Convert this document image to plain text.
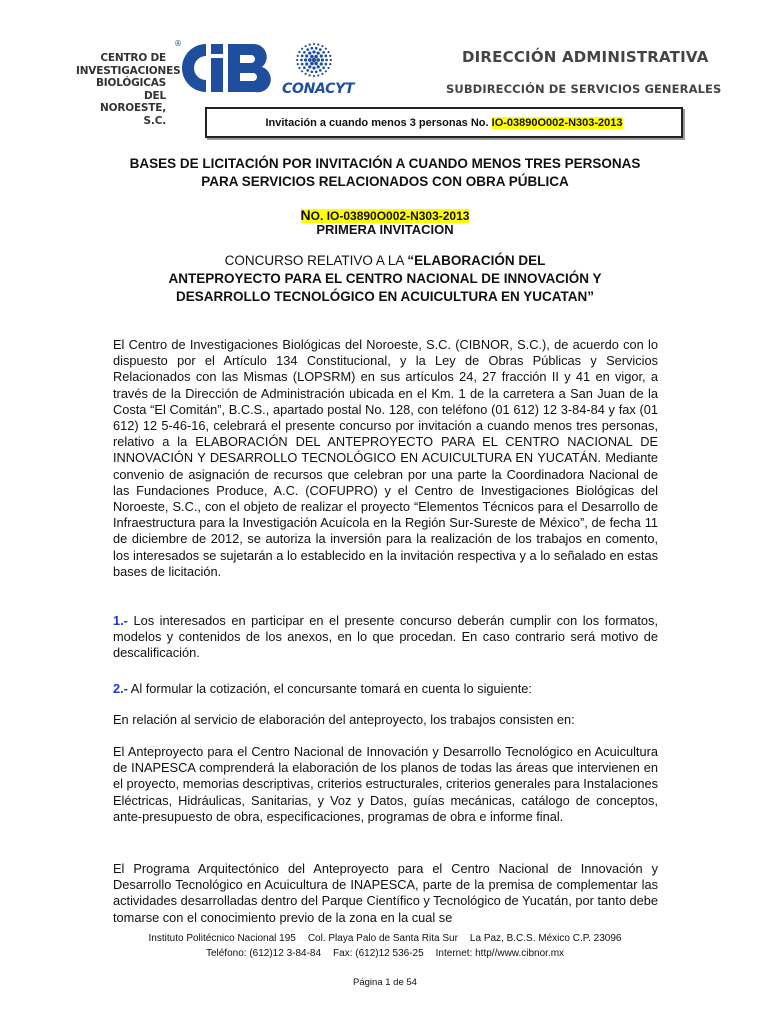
CENTRO DE
INVESTIGACIONES
BIOLÓGICAS DEL
NOROESTE, S.C.
®
CONACYT
DIRECCIÓN ADMINISTRATIVA
SUBDIRECCIÓN DE SERVICIOS GENERALES
Invitación a cuando menos 3 personas No. IO-03890O002-N303-2013
BASES DE LICITACIÓN POR INVITACIÓN A CUANDO MENOS TRES PERSONAS
PARA SERVICIOS RELACIONADOS CON OBRA PÚBLICA
NO. IO-03890O002-N303-2013
PRIMERA INVITACION
CONCURSO RELATIVO A LA “ELABORACIÓN DEL
ANTEPROYECTO PARA EL CENTRO NACIONAL DE INNOVACIÓN Y
DESARROLLO TECNOLÓGICO EN ACUICULTURA EN YUCATAN”
El Centro de Investigaciones Biológicas del Noroeste, S.C. (CIBNOR, S.C.), de acuerdo con lo dispuesto por el Artículo 134 Constitucional, y la Ley de Obras Públicas y Servicios Relacionados con las Mismas (LOPSRM) en sus artículos 24, 27 fracción II y 41 en vigor, a través de la Dirección de Administración ubicada en el Km. 1 de la carretera a San Juan de la Costa “El Comitán”, B.C.S., apartado postal No. 128, con teléfono (01 612) 12 3-84-84 y fax (01 612) 12 5-46-16, celebrará el presente concurso por invitación a cuando menos tres personas, relativo a la ELABORACIÓN DEL ANTEPROYECTO PARA EL CENTRO NACIONAL DE INNOVACIÓN Y DESARROLLO TECNOLÓGICO EN ACUICULTURA EN YUCATÁN. Mediante convenio de asignación de recursos que celebran por una parte la Coordinadora Nacional de las Fundaciones Produce, A.C. (COFUPRO) y el Centro de Investigaciones Biológicas del Noroeste, S.C., con el objeto de realizar el proyecto “Elementos Técnicos para el Desarrollo de Infraestructura para la Investigación Acuícola en la Región Sur-Sureste de México”, de fecha 11 de diciembre de 2012, se autoriza la inversión para la realización de los trabajos en comento, los interesados se sujetarán a lo establecido en la invitación respectiva y a lo señalado en estas bases de licitación.
1.- Los interesados en participar en el presente concurso deberán cumplir con los formatos, modelos y contenidos de los anexos, en lo que procedan. En caso contrario será motivo de descalificación.
2.- Al formular la cotización, el concursante tomará en cuenta lo siguiente:
En relación al servicio de elaboración del anteproyecto, los trabajos consisten en:
El Anteproyecto para el Centro Nacional de Innovación y Desarrollo Tecnológico en Acuicultura de INAPESCA comprenderá la elaboración de los planos de todas las áreas que intervienen en el proyecto, memorias descriptivas, criterios estructurales, criterios generales para Instalaciones Eléctricas, Hidráulicas, Sanitarias, y Voz y Datos, guías mecánicas, catálogo de conceptos, ante-presupuesto de obra, especificaciones, programas de obra e informe final.
El Programa Arquitectónico del Anteproyecto para el Centro Nacional de Innovación y Desarrollo Tecnológico en Acuicultura de INAPESCA, parte de la premisa de complementar las actividades desarrolladas dentro del Parque Científico y Tecnológico de Yucatán, por tanto debe tomarse con el conocimiento previo de la zona en la cual se
Instituto Politécnico Nacional 195 Col. Playa Palo de Santa Rita Sur La Paz, B.C.S. México C.P. 23096
Teléfono: (612)12 3-84-84 Fax: (612)12 536-25 Internet: http//www.cibnor.mx
Página 1 de 54
